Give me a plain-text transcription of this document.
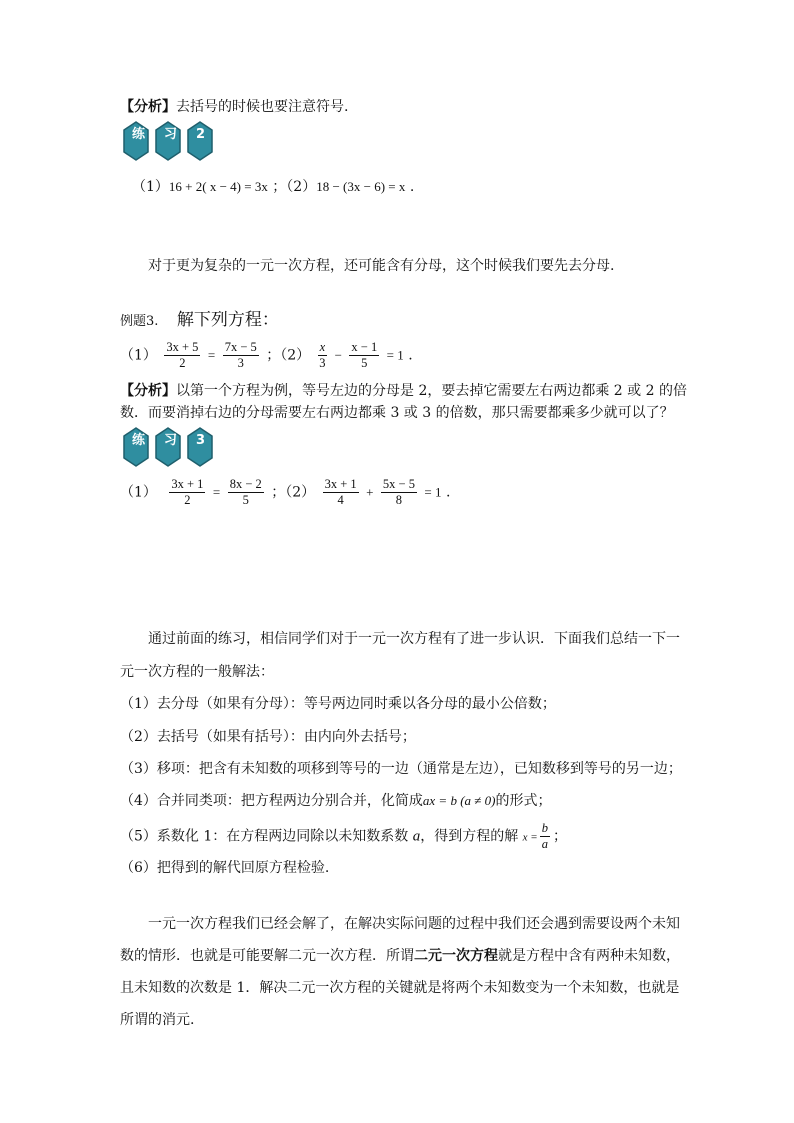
【分析】去括号的时候也要注意符号.
练 习 2
（1）16 + 2( x − 4) = 3x ；（2）18 − (3x − 6) = x .
对于更为复杂的一元一次方程，还可能含有分母，这个时候我们要先去分母.
例题3. 解下列方程：
$(1) \frac{3x + 5}{2} = \frac{7x - 5}{3}$ ；$(2) \frac{x}{3} - \frac{x - 1}{5} = 1$ .
【分析】以第一个方程为例，等号左边的分母是 2，要去掉它需要左右两边都乘 2 或 2 的倍
数．而要消掉右边的分母需要左右两边都乘 3 或 3 的倍数，那只需要都乘多少就可以了？
练 习 3
$(1) \frac{3x + 1}{2} = \frac{8x - 2}{5}$ ；$(2) \frac{3x + 1}{4} + \frac{5x - 5}{8} = 1$ .
通过前面的练习，相信同学们对于一元一次方程有了进一步认识．下面我们总结一下一
元一次方程的一般解法：
（1）去分母（如果有分母）：等号两边同时乘以各分母的最小公倍数；
（2）去括号（如果有括号）：由内向外去括号；
（3）移项：把含有未知数的项移到等号的一边（通常是左边），已知数移到等号的另一边；
（4）合并同类项：把方程两边分别合并，化简成ax = b (a ≠ 0)的形式；
（5）系数化 1：在方程两边同除以未知数系数 a，得到方程的解 $x = \frac{b}{a}$ ；
（6）把得到的解代回原方程检验.
一元一次方程我们已经会解了，在解决实际问题的过程中我们还会遇到需要设两个未知
数的情形．也就是可能要解二元一次方程．所谓二元一次方程就是方程中含有两种未知数，
且未知数的次数是 1．解决二元一次方程的关键就是将两个未知数变为一个未知数，也就是
所谓的消元.
